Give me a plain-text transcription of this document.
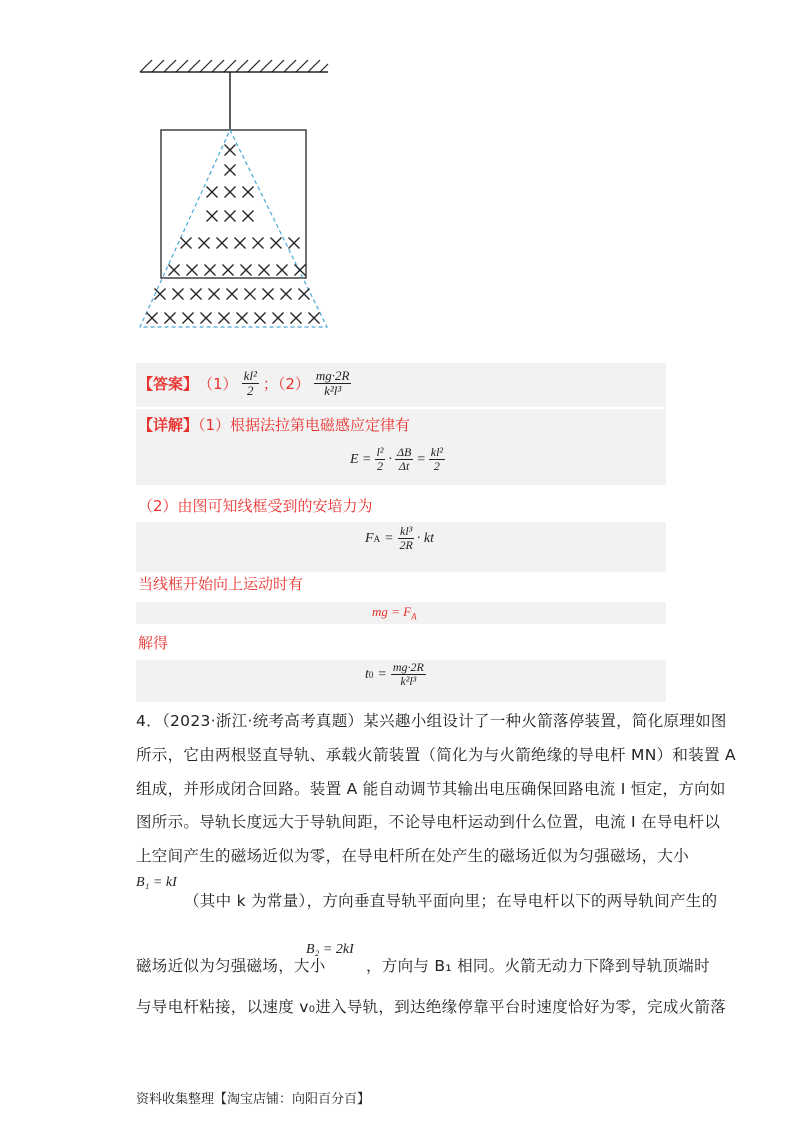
【答案】 $(1) \frac{\text{kl²}}{2}$ ；$(2) \frac{mg\cdot 2R}{\text{k²l³}}$
【详解】（1）根据法拉第电磁感应定律有
$E = \frac{\text{l²}}{2} \cdot \frac{\Delta B}{\Delta t} = \frac{\text{kl²}}{2}$
（2）由图可知线框受到的安培力为
F $A = \frac{\text{kl³}}{2R}$ · kt
当线框开始向上运动时有
mg = $F_A$
解得
t $0 = \frac{mg\cdot 2R}{\text{k²l³}}$
4．（2023·浙江·统考高考真题）某兴趣小组设计了一种火箭落停装置，简化原理如图
所示，它由两根竖直导轨、承载火箭装置（简化为与火箭绝缘的导电杆 MN）和装置 A
组成，并形成闭合回路。装置 A 能自动调节其输出电压确保回路电流 I 恒定，方向如
图所示。导轨长度远大于导轨间距，不论导电杆运动到什么位置，电流 I 在导电杆以
上空间产生的磁场近似为零，在导电杆所在处产生的磁场近似为匀强磁场，大小
B₁ = kI
（其中 k 为常量），方向垂直导轨平面向里；在导电杆以下的两导轨间产生的
磁场近似为匀强磁场，大小
B₂ = 2kI
，方向与 B₁ 相同。火箭无动力下降到导轨顶端时
与导电杆粘接，以速度 v₀进入导轨，到达绝缘停靠平台时速度恰好为零，完成火箭落
资料收集整理【淘宝店铺：向阳百分百】
